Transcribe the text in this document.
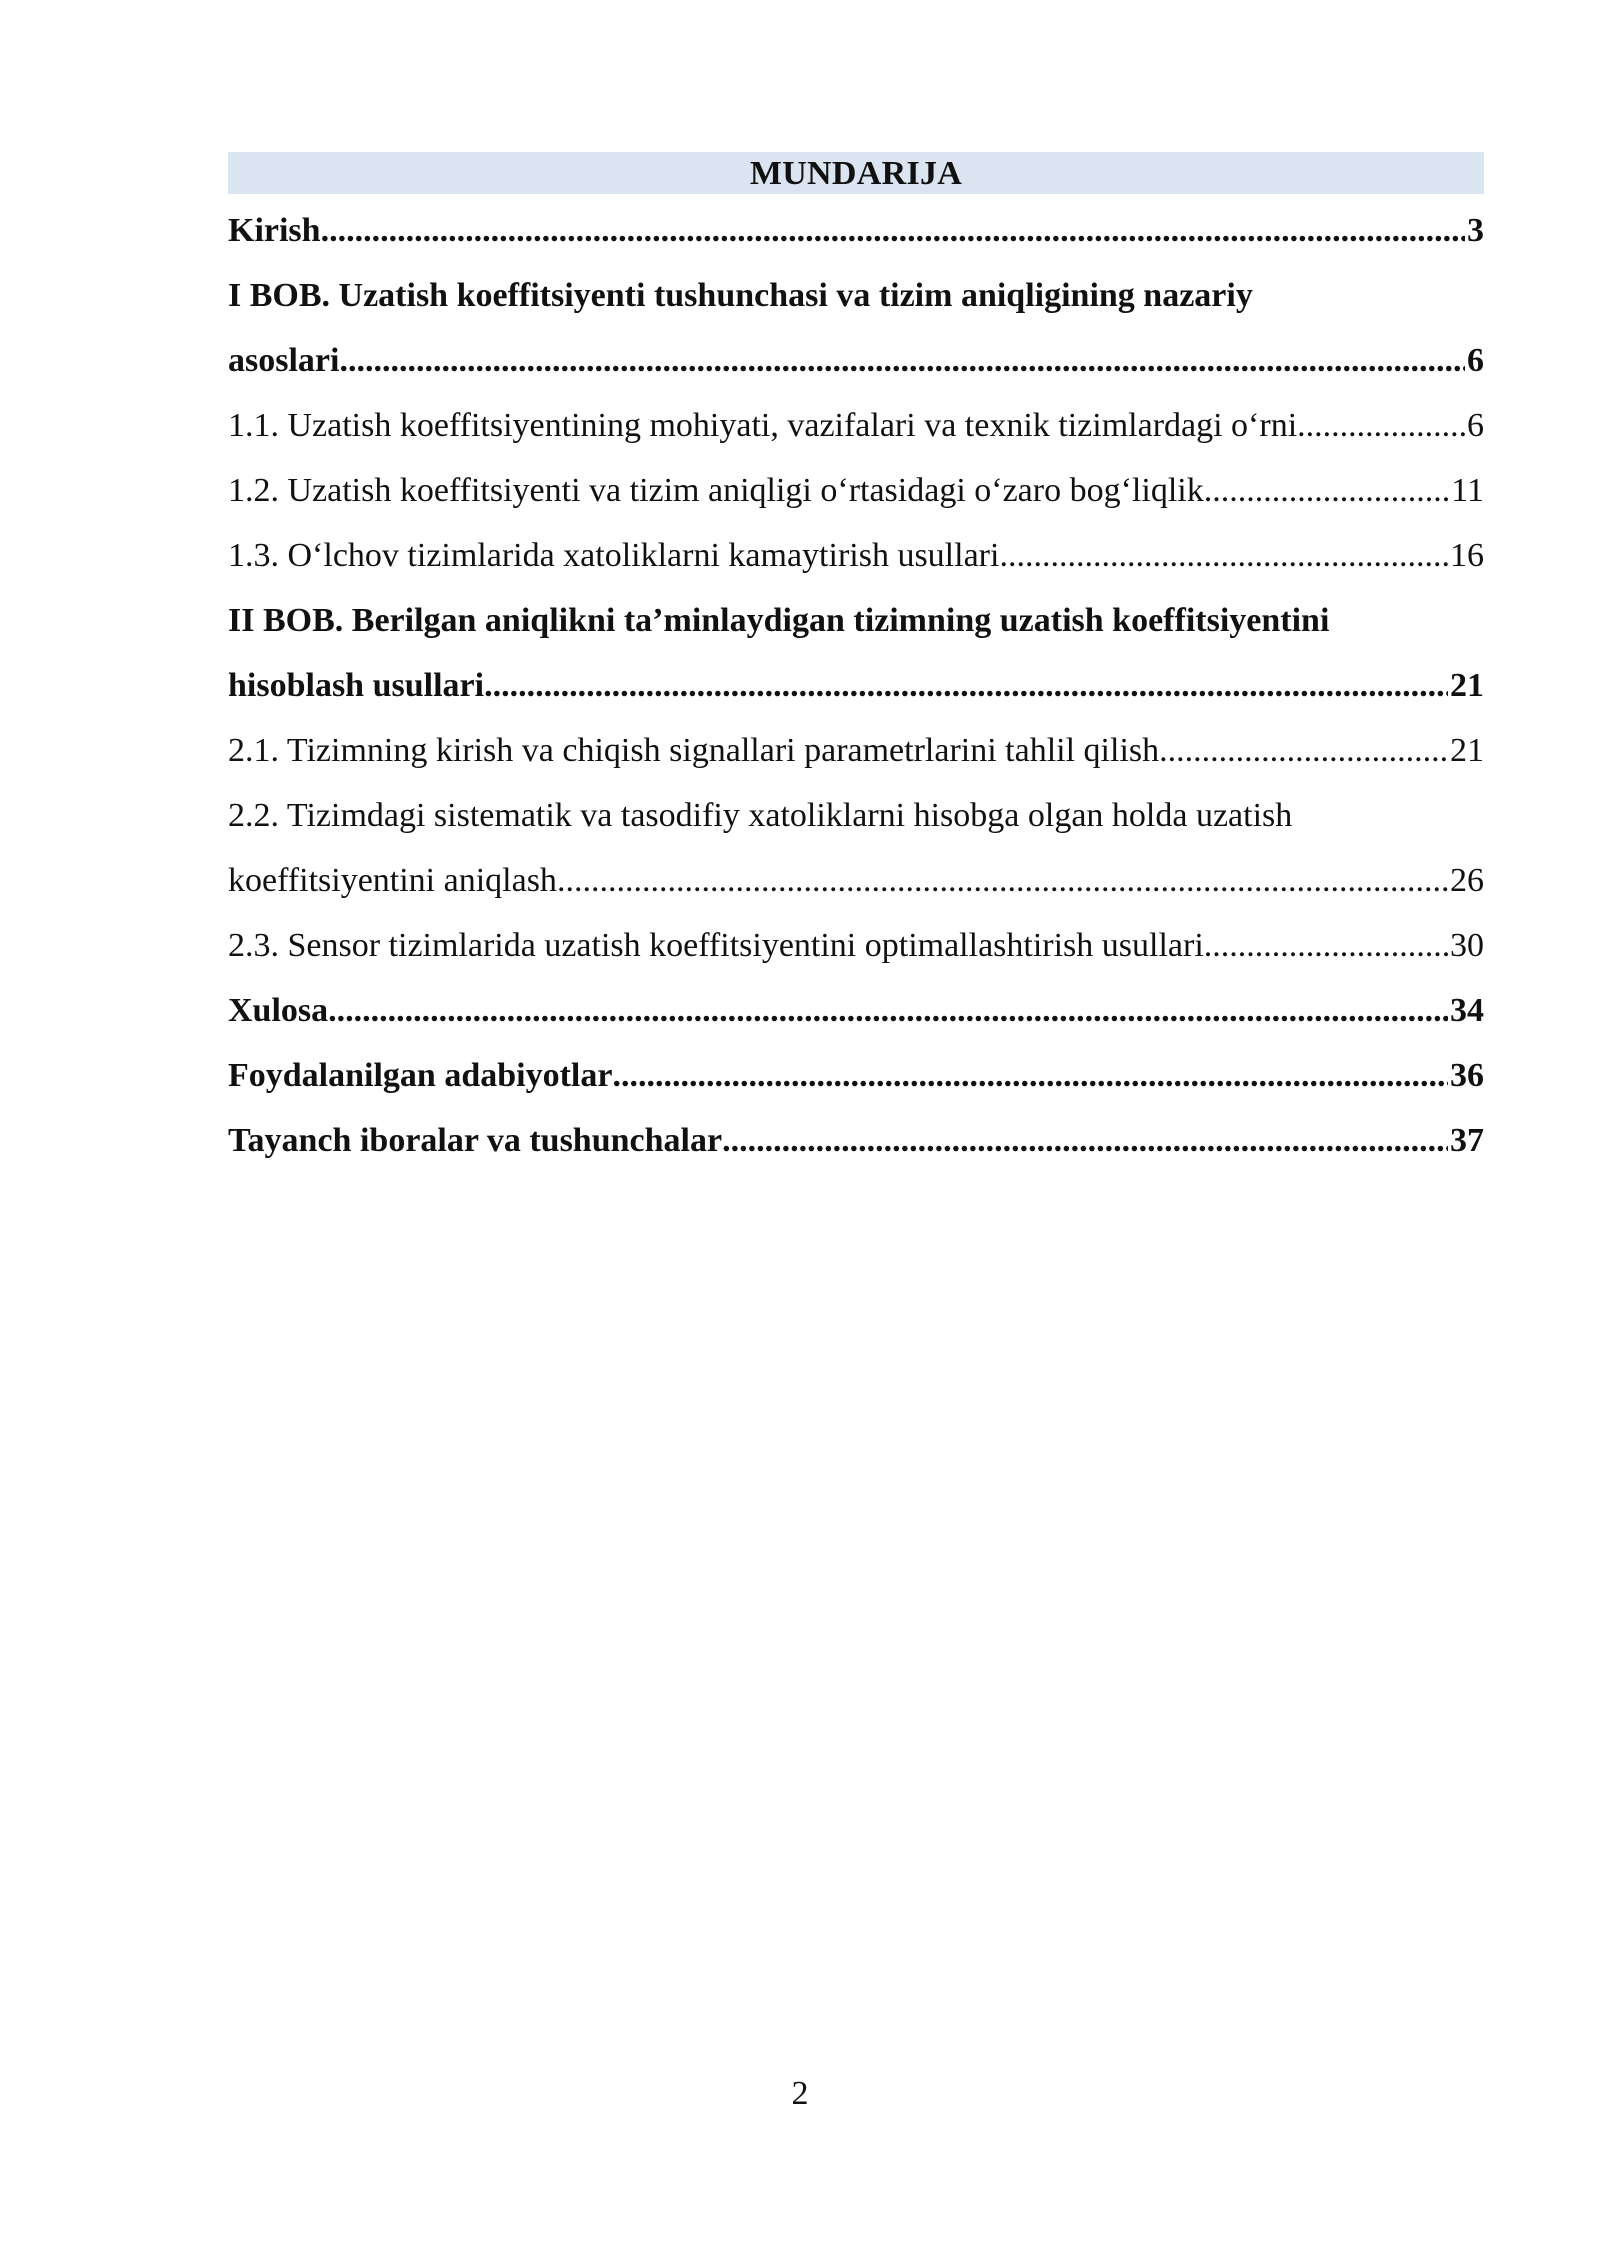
MUNDARIJA
Kirish .....	3
I BOB. Uzatish koeffitsiyenti tushunchasi va tizim aniqligining nazariy
asoslari .....	6
1.1. Uzatish koeffitsiyentining mohiyati, vazifalari va texnik tizimlardagi o‘rni .....	6
1.2. Uzatish koeffitsiyenti va tizim aniqligi o‘rtasidagi o‘zaro bog‘liqlik .....	11
1.3. O‘lchov tizimlarida xatoliklarni kamaytirish usullari .....	16
II BOB. Berilgan aniqlikni ta’minlaydigan tizimning uzatish koeffitsiyentini
hisoblash usullari .....	21
2.1. Tizimning kirish va chiqish signallari parametrlarini tahlil qilish .....	21
2.2. Tizimdagi sistematik va tasodifiy xatoliklarni hisobga olgan holda uzatish
koeffitsiyentini aniqlash .....	26
2.3. Sensor tizimlarida uzatish koeffitsiyentini optimallashtirish usullari .....	30
Xulosa .....	34
Foydalanilgan adabiyotlar .....	36
Tayanch iboralar va tushunchalar .....	37
2
